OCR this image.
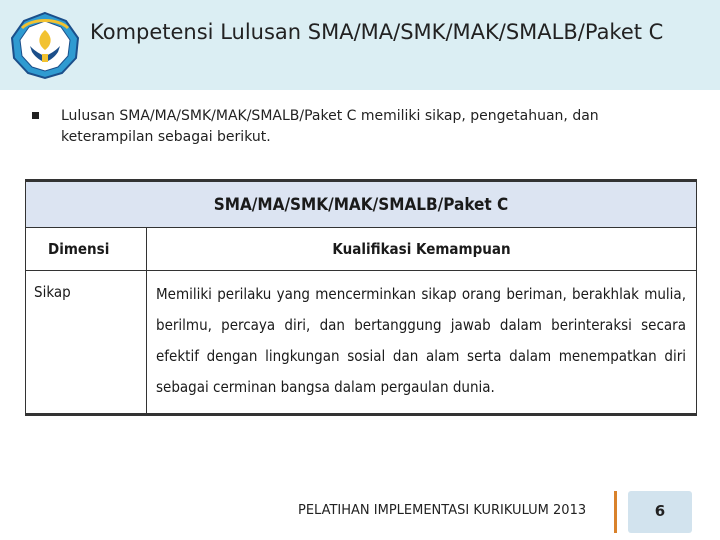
Kompetensi Lulusan SMA/MA/SMK/MAK/SMALB/Paket C
Lulusan SMA/MA/SMK/MAK/SMALB/Paket C memiliki sikap, pengetahuan, dan keterampilan sebagai berikut.
SMA/MA/SMK/MAK/SMALB/Paket C	
Dimensi	Kualifikasi Kemampuan
Sikap	Memiliki perilaku yang mencerminkan sikap orang beriman, berakhlak mulia, berilmu, percaya diri, dan bertanggung jawab dalam berinteraksi secara efektif dengan lingkungan sosial dan alam serta dalam menempatkan diri sebagai cerminan bangsa dalam pergaulan dunia.
PELATIHAN IMPLEMENTASI KURIKULUM 2013	6
